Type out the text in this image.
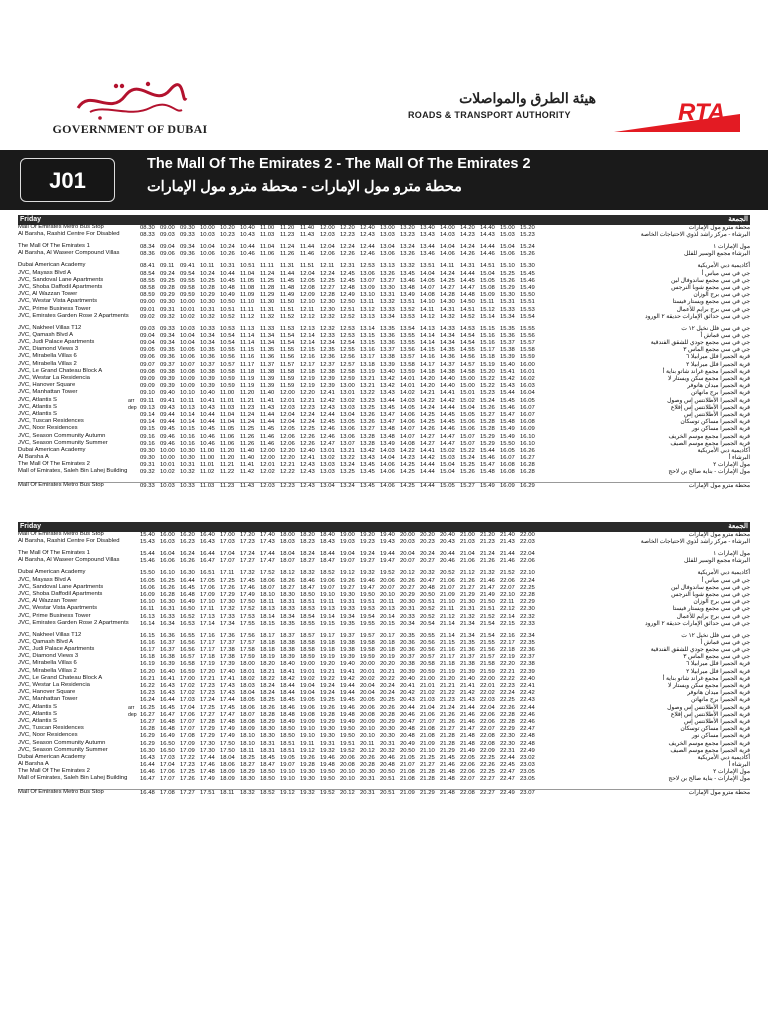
GOVERNMENT OF DUBAI
هيئة الطرق والمواصلات
ROADS & TRANSPORT AUTHORITY	RTA
J01
The Mall Of The Emirates 2 - The Mall Of The Emirates 2
محطة مترو مول الإمارات - محطة مترو مول الإمارات
Friday	الجمعة
Mall Of Emirates Metro Bus Stop	08.30 09.00 09.30 10.00 10.20 10.40 11.00 11.20 11.40 12.00 12.20 12.40 13.00 13.20 13.40 14.00 14.20 14.40 15.00 15.20	محطة مترو مول الإمارات
Al Barsha, Rashid Centre For Disabled	08.33 09.03 09.33 10.03 10.23 10.43 11.03 11.23 11.43 12.03 12.23 12.43 13.03 13.23 13.43 14.03 14.23 14.43 15.03 15.23	البرشاء - مركز راشد لذوي الاحتياجات الخاصة
The Mall Of The Emirates 1	08.34 09.04 09.34 10.04 10.24 10.44 11.04 11.24 11.44 12.04 12.24 12.44 13.04 13.24 13.44 14.04 14.24 14.44 15.04 15.24	مول الإمارات ١
Al Barsha, Al Waseer Compound Villas	08.36 09.06 09.36 10.06 10.26 10.46 11.06 11.26 11.46 12.06 12.26 12.46 13.06 13.26 13.46 14.06 14.26 14.46 15.06 15.26	البرشاء مجمع الوسير للفلل
Dubai American Academy	08.41 09.11 09.41 10.11 10.31 10.51 11.11	11.31 11.51 12.11 12.31 12.53 13.13 13.32 13.51 14.11 14.31 14.51 15.10 15.30	أكاديمية دبي الأمريكية
JVC, Mayass Blvd A	08.54 09.24 09.54 10.24 10.44 11.04 11.24 11.44 12.04 12.24 12.45 13.06 13.26 13.45 14.04 14.24 14.44 15.04 15.25 15.45	جي في سي مياس أ
JVC, Sandoval Lane Apartments	08.55 09.25 09.55 10.25 10.45 11.05 11.25 11.45 12.05 12.25 12.45 13.07 13.27 13.46 14.05 14.25 14.45 15.05 15.26 15.46	جي في سي مجمع ساندوفال لين
JVC, Shoba Daffodil Apartments	08.58 09.28 09.58 10.28 10.48 11.08 11.28 11.48 12.08 12.27 12.48 13.09 13.30 13.48 14.07 14.27 14.47 15.08 15.29 15.49	جي في سي مجمع شوبا النرجس
JVC, Al Wazzan Tower	08.59 09.29 09.59 10.29 10.49 11.09 11.29 11.49 12.09 12.28 12.49 13.10 13.31 13.49 14.08 14.28 14.48 15.09 15.30 15.50	جي في سي برج الوزان
JVC, Westar Vista Apartments	09.00 09.30 10.00 10.30 10.50 11.10 11.30 11.50 12.10 12.30 12.50 13.11 13.32 13.51 14.10 14.30 14.50 15.11 15.31 15.51	جي في سي مجمع ويستار فيستا
JVC, Prime Business Tower	09.01 09.31 10.01 10.31 10.51 11.11	11.31 11.51 12.11 12.30 12.51 13.12 13.33 13.52 14.11 14.31 14.51 15.12 15.33 15.53	جي في سي برج برايم للأعمال
JVC, Emirates Garden Rose 2 Apartments	09.02 09.32 10.02 10.32 10.52 11.12 11.32 11.52 12.12 12.32 12.52 13.13 13.34 13.53 14.12 14.32 14.52 15.14 15.34 15.54	جي في سي حدائق الإمارات حديقة ٢ الورود
JVC, Nakheel Villas T12	09.03 09.33 10.03 10.33 10.53 11.13 11.33 11.53 12.13 12.32 12.53 13.14 13.35 13.54 14.13 14.33 14.53 15.15 15.35 15.55	جي في سي فلل نخيل ١٢ ت
JVC, Qamash Blvd A	09.04 09.34 10.04 10.34 10.54 11.14 11.34 11.54 12.14 12.33 12.53 13.15 13.36 13.55 14.14 14.34 14.54 15.16 15.36 15.56	جي في سي قماش أ
JVC, Judi Palace Apartments	09.04 09.34 10.04 10.34 10.54 11.14 11.34 11.54 12.14 12.34 12.54 13.15 13.36 13.55 14.14 14.34 14.54 15.16 15.37 15.57	جي في سي مجمع جودي للشقق الفندقية
JVC, Diamond Views 3	09.05 09.35 10.05 10.35 10.55 11.15 11.35 11.55 12.15 12.35 12.55 13.16 13.37 13.56 14.15 14.35 14.55 15.17 15.38 15.58	جي في سي مجمع الماس ٣
JVC, Mirabella Villas 6	09.06 09.36 10.06 10.36 10.56 11.16 11.36 11.56 12.16 12.36 12.56 13.17 13.38 13.57 14.16 14.36 14.56 15.18 15.39 15.59	قرية الجميرا فلل ميرابيلا ٦
JVC, Mirabella Villas 2	09.07 09.37 10.07 10.37 10.57 11.17 11.37 11.57 12.17 12.37 12.57 13.18 13.39 13.58 14.17 14.37 14.57 15.19 15.40 16.00	قرية الجميرا فلل ميرابيلا ٢
JVC, Le Grand Chateau Block A	09.08 09.38 10.08 10.38 10.58 11.18 11.38 11.58 12.18 12.38 12.58 13.19 13.40 13.59 14.18 14.38 14.58 15.20 15.41 16.01	قرية الجميرا مجمع غراند شاتو بناية أ
JVC, Westar La Residencia	09.09 09.39 10.09 10.39 10.59 11.19 11.39 11.59 12.19 12.39 12.59 13.21 13.42 14.01 14.20 14.40 15.00 15.22 15.42 16.02	قرية الجميرا مجمع سكن ويستار لا
JVC, Hanover Square	09.09 09.39 10.09 10.39 10.59 11.19 11.39 11.59 12.19 12.39 13.00 13.21 13.42 14.01 14.20 14.40 15.00 15.22 15.43 16.03	قرية الجميرا ميدان هانوفر
JVC, Manhattan Tower	09.10 09.40 10.10 10.40 11.00 11.20 11.40 12.00 12.20 12.41 13.01 13.22 13.43 14.02 14.21 14.41 15.01 15.23 15.44 16.04	قرية الجميرا برج مانهاتن
JVC, Atlantis S	arr 09.11 09.41 10.11 10.41 11.01 11.21 11.41 12.01 12.21 12.42 13.02 13.23 13.44 14.03 14.22 14.42 15.02 15.24 15.45 16.05	قرية الجميرا الأطلانتس إس وصول
JVC, Atlantis S	dep 09.13 09.43 10.13 10.43 11.03 11.23 11.43 12.03 12.23 12.43 13.03 13.25 13.45 14.05 14.24 14.44 15.04 15.26 15.46 16.07	قرية الجميرا الأطلانتس إس إقلاع
JVC, Atlantis S	09.14 09.44 10.14 10.44 11.04 11.24 11.44 12.04 12.24 12.44 13.04 13.26 13.47 14.06 14.25 14.45 15.05 15.27 15.47 16.07	قرية الجميرا الأطلانتس إس
JVC, Tuscan Residences	09.14 09.44 10.14 10.44 11.04 11.24 11.44 12.04 12.24 12.45 13.05 13.26 13.47 14.06 14.25 14.45 15.06 15.28 15.48 16.08	قرية الجميرا مساكن توسكان
JVC, Noor Residences	09.15 09.45 10.15 10.45 11.05 11.25 11.45 12.05 12.25 12.46 13.06 13.27 13.48 14.07 14.26 14.46 15.06 15.28 15.49 16.09	قرية الجميرا مساكن نور
JVC, Season Community Autumn	09.16 09.46 10.16 10.46 11.06 11.26 11.46 12.06 12.26 12.46 13.06 13.28 13.48 14.07 14.27 14.47 15.07 15.29 15.49 16.10	قرية الجميرا مجمع موسم الخريف
JVC, Season Community Summer	09.16 09.46 10.16 10.46 11.06 11.26 11.46 12.06 12.26 12.47 13.07 13.28 13.49 14.08 14.27 14.47 15.07 15.29 15.50 16.10	قرية الجميرا مجمع موسم الصيف
Dubai American Academy	09.30 10.00 10.30 11.00 11.20 11.40 12.00 12.20 12.40 13.01 13.21 13.42 14.03 14.22 14.41 15.02 15.22 15.44 16.05 16.26	أكاديمية دبي الأمريكية
Al Barsha A	09.30 10.00 10.30 11.00 11.20 11.40 12.00 12.20 12.41 13.02 13.22 13.43 14.04 14.23 14.42 15.03 15.24 15.46 16.07 16.27	البرشاء أ
The Mall Of The Emirates 2	09.31 10.01 10.31 11.01 11.21 11.41 12.01 12.21 12.43 13.03 13.24 13.45 14.06 14.25 14.44 15.04 15.25 15.47 16.08 16.28	مول الإمارات ٢
Mall of Emirates, Saleh Bin Lahej Building	09.32 10.02 10.32 11.02 11.22 11.42 12.02 12.22 12.43 13.03 13.25 13.45 14.06 14.25 14.44 15.04 15.26 15.48 16.08 16.28	مول الإمارات - بناية صالح بن لاحج
Mall Of Emirates Metro Bus Stop	09.33 10.03 10.33 11.03 11.23 11.43 12.03 12.23 12.43 13.04 13.24 13.45 14.06 14.25 14.44 15.05 15.27 15.49 16.09 16.29	محطة مترو مول الإمارات
Friday	الجمعة
Mall Of Emirates Metro Bus Stop	15.40 16.00 16.20 16.40 17.00 17.20 17.40 18.00 18.20 18.40 19.00 19.20 19.40 20.00 20.20 20.40 21.00 21.20 21.40 22.00	محطة مترو مول الإمارات
Al Barsha, Rashid Centre For Disabled	15.43 16.03 16.23 16.43 17.03 17.23 17.43 18.03 18.23 18.43 19.03 19.23 19.43 20.03 20.23 20.43 21.03 21.23 21.43 22.03	البرشاء - مركز راشد لذوي الاحتياجات الخاصة
The Mall Of The Emirates 1	15.44 16.04 16.24 16.44 17.04 17.24 17.44 18.04 18.24 18.44 19.04 19.24 19.44 20.04 20.24 20.44 21.04 21.24 21.44 22.04	مول الإمارات ١
Al Barsha, Al Waseer Compound Villas	15.46 16.06 16.26 16.47 17.07 17.27 17.47 18.07 18.27 18.47 19.07 19.27 19.47 20.07 20.27 20.46 21.06 21.26 21.46 22.06	البرشاء مجمع الوسير للفلل
Dubai American Academy	15.50 16.10 16.30 16.51 17.11 17.32 17.52 18.12 18.32 18.52 19.12 19.32 19.52 20.12 20.32 20.52 21.12 21.32 21.52 22.10	أكاديمية دبي الأمريكية
JVC, Mayass Blvd A	16.05 16.25 16.44 17.05 17.25 17.45 18.06 18.26 18.46 19.06 19.26 19.46 20.06 20.26 20.47 21.06 21.26 21.46 22.06 22.24	جي في سي مياس أ
JVC, Sandoval Lane Apartments	16.06 16.26 16.45 17.06 17.26 17.46 18.07 18.27 18.47 19.07 19.27 19.47 20.07 20.27 20.48 21.07 21.27 21.47 22.07 22.25	جي في سي مجمع ساندوفال لين
JVC, Shoba Daffodil Apartments	16.09 16.28 16.48 17.09 17.29 17.49 18.10 18.30 18.50 19.10 19.30 19.50 20.10 20.29 20.50 21.09 21.29 21.49 22.10 22.28	جي في سي مجمع شوبا النرجس
JVC, Al Wazzan Tower	16.10 16.30 16.49 17.10 17.30 17.50 18.11 18.31 18.51 19.11 19.31 19.51 20.11 20.30 20.51 21.10 21.30 21.50 22.11 22.29	جي في سي برج الوزان
JVC, Westar Vista Apartments	16.11 16.31 16.50 17.11 17.32 17.52 18.13 18.33 18.53 19.13 19.33 19.53 20.13 20.31 20.52 21.11 21.31 21.51 22.12 22.30	جي في سي مجمع ويستار فيستا
JVC, Prime Business Tower	16.13 16.33 16.52 17.13 17.33 17.53 18.14 18.34 18.54 19.14 19.34 19.54 20.14 20.33 20.52 21.12 21.32 21.52 22.14 22.32	جي في سي برج برايم للأعمال
JVC, Emirates Garden Rose 2 Apartments	16.14 16.34 16.53 17.14 17.34 17.55 18.15 18.35 18.55 19.15 19.35 19.55 20.15 20.34 20.54 21.14 21.34 21.54 22.15 22.33	جي في سي حدائق الإمارات حديقة ٢ الورود
JVC, Nakheel Villas T12	16.15 16.36 16.55 17.16 17.36 17.56 18.17 18.37 18.57 19.17 19.37 19.57 20.17 20.35 20.55 21.14 21.34 21.54 22.16 22.34	جي في سي فلل نخيل ١٢ ت
JVC, Qamash Blvd A	16.16 16.37 16.56 17.17 17.37 17.57 18.18 18.38 18.58 19.18 19.38 19.58 20.18 20.36 20.56 21.15 21.35 21.55 22.17 22.35	جي في سي قماش أ
JVC, Judi Palace Apartments	16.17 16.37 16.56 17.17 17.38 17.58 18.18 18.38 18.58 19.18 19.38 19.58 20.18 20.36 20.56 21.16 21.36 21.56 22.18 22.36	جي في سي مجمع جودي للشقق الفندقية
JVC, Diamond Views 3	16.18 16.38 16.57 17.18 17.38 17.59 18.19 18.39 18.59 19.19 19.39 19.59 20.19 20.37 20.57 21.17 21.37 21.57 22.19 22.37	جي في سي مجمع الماس ٣
JVC, Mirabella Villas 6	16.19 16.39 16.58 17.19 17.39 18.00 18.20 18.40 19.00 19.20 19.40 20.00 20.20 20.38 20.58 21.18 21.38 21.58 22.20 22.38	قرية الجميرا فلل ميرابيلا ٦
JVC, Mirabella Villas 2	16.20 16.40 16.59 17.20 17.40 18.01 18.21 18.41 19.01 19.21 19.41 20.01 20.21 20.39 20.59 21.19 21.39 21.59 22.21 22.39	قرية الجميرا فلل ميرابيلا ٢
JVC, Le Grand Chateau Block A	16.21 16.41 17.00 17.21 17.41 18.02 18.22 18.42 19.02 19.22 19.42 20.02 20.22 20.40 21.00 21.20 21.40 22.00 22.22 22.40	قرية الجميرا مجمع غراند شاتو بناية أ
JVC, Westar La Residencia	16.22 16.43 17.02 17.23 17.43 18.03 18.24 18.44 19.04 19.24 19.44 20.04 20.24 20.41 21.01 21.21 21.41 22.01 22.23 22.41	قرية الجميرا مجمع سكن ويستار لا
JVC, Hanover Square	16.23 16.43 17.02 17.23 17.43 18.04 18.24 18.44 19.04 19.24 19.44 20.04 20.24 20.42 21.02 21.22 21.42 22.02 22.24 22.42	قرية الجميرا ميدان هانوفر
JVC, Manhattan Tower	16.24 16.44 17.03 17.24 17.44 18.05 18.25 18.45 19.05 19.25 19.45 20.05 20.25 20.43 21.03 21.23 21.43 22.03 22.25 22.43	قرية الجميرا برج مانهاتن
JVC, Atlantis S	arr 16.25 16.45 17.04 17.25 17.45 18.06 18.26 18.46 19.06 19.26 19.46 20.06 20.26 20.44 21.04 21.24 21.44 22.04 22.26 22.44	قرية الجميرا الأطلانتس إس وصول
JVC, Atlantis S	dep 16.27 16.47 17.06 17.27 17.47 18.07 18.28 18.48 19.08 19.28 19.48 20.08 20.28 20.46 21.06 21.26 21.46 22.06 22.28 22.46	قرية الجميرا الأطلانتس إس إقلاع
JVC, Atlantis S	16.27 16.48 17.07 17.28 17.48 18.08 18.29 18.49 19.09 19.29 19.49 20.09 20.29 20.47 21.07 21.26 21.46 22.06 22.28 22.46	قرية الجميرا الأطلانتس إس
JVC, Tuscan Residences	16.28 16.48 17.07 17.29 17.49 18.09 18.30 18.50 19.10 19.30 19.50 20.10 20.30 20.48 21.08 21.27 21.47 22.07 22.29 22.47	قرية الجميرا مساكن توسكان
JVC, Noor Residences	16.29 16.49 17.08 17.29 17.49 18.10 18.30 18.50 19.10 19.30 19.50 20.10 20.30 20.48 21.08 21.28 21.48 22.08 22.30 22.48	قرية الجميرا مساكن نور
JVC, Season Community Autumn	16.29 16.50 17.09 17.30 17.50 18.10 18.31 18.51 19.11 19.31 19.51 20.11 20.31 20.49 21.09 21.28 21.48 22.08 22.30 22.48	قرية الجميرا مجمع موسم الخريف
JVC, Season Community Summer	16.30 16.50 17.09 17.30 17.50 18.11 18.31 18.51 19.12 19.32 19.52 20.12 20.32 20.50 21.10 21.29 21.49 22.09 22.31 22.49	قرية الجميرا مجمع موسم الصيف
Dubai American Academy	16.43 17.03 17.22 17.44 18.04 18.25 18.45 19.05 19.26 19.46 20.06 20.26 20.46 21.05 21.25 21.45 22.05 22.25 22.44 23.02	أكاديمية دبي الأمريكية
Al Barsha A	16.44 17.04 17.23 17.46 18.06 18.27 18.47 19.07 19.28 19.48 20.08 20.28 20.48 21.07 21.27 21.46 22.06 22.26 22.45 23.03	البرشاء أ
The Mall Of The Emirates 2	16.46 17.06 17.25 17.48 18.09 18.29 18.50 19.10 19.30 19.50 20.10 20.30 20.50 21.08 21.28 21.48 22.06 22.25 22.47 23.05	مول الإمارات ٢
Mall of Emirates, Saleh Bin Lahej Building	16.47 17.07 17.26 17.49 18.09 18.30 18.50 19.10 19.30 19.50 20.10 20.31 20.51 21.08 21.28 21.48 22.07 22.27 22.47 23.05	مول الإمارات - بناية صالح بن لاحج
Mall Of Emirates Metro Bus Stop	16.48 17.08 17.27 17.51 18.11 18.32 18.52 19.12 19.32 19.52 20.12 20.31 20.51 21.09 21.29 21.48 22.08 22.27 22.49 23.07	محطة مترو مول الإمارات
